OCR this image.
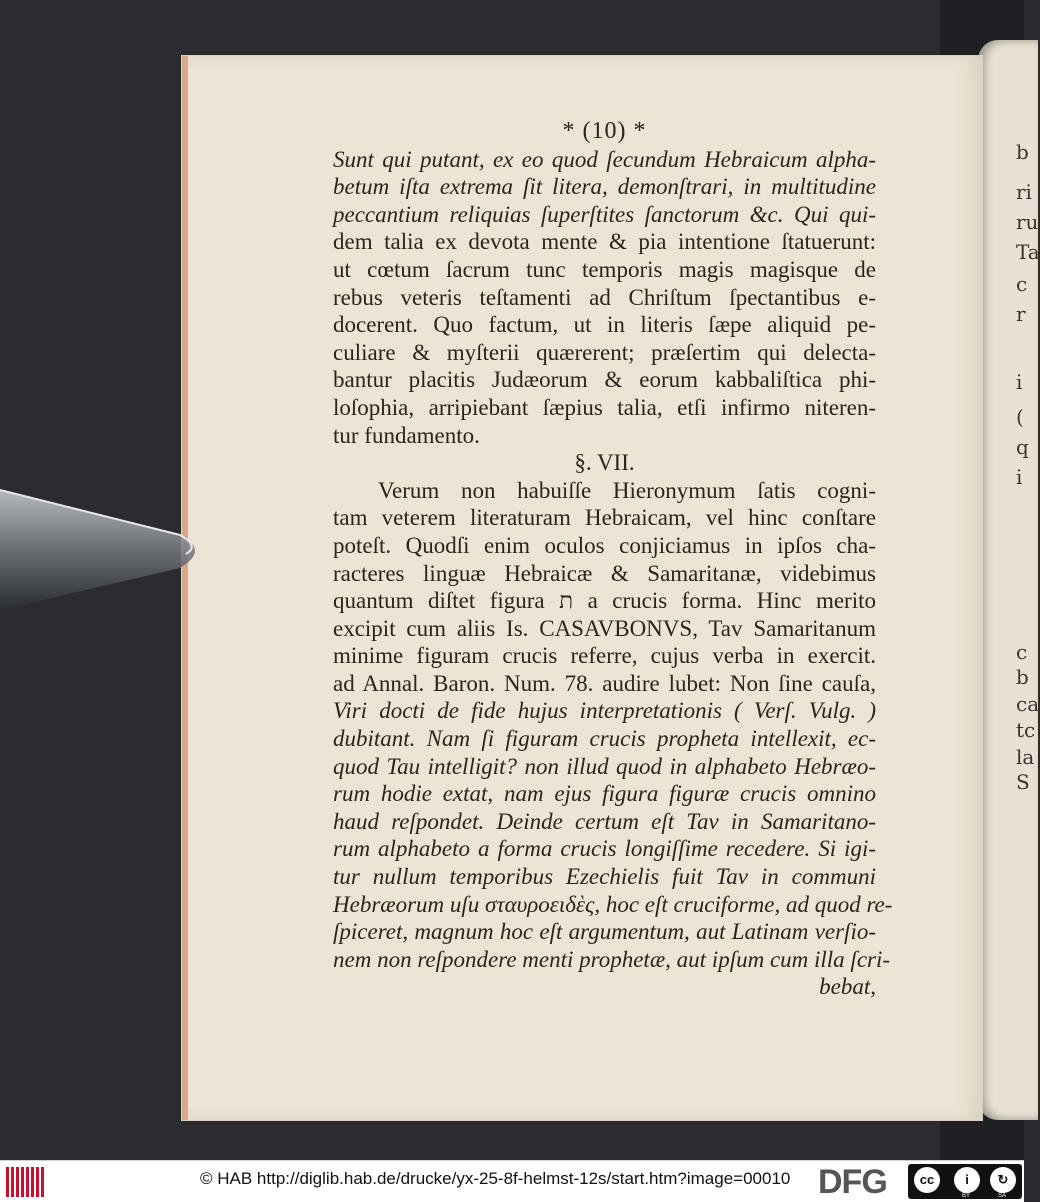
b
ri
ru
Ta
c
r
i
(
q
i
c
b
ca
tc
la
S
* (10) *
Sunt qui putant, ex eo quod ſecundum Hebraicum alpha-
betum iſta extrema ſit litera, demonſtrari, in multitudine
peccantium reliquias ſuperſtites ſanctorum &c. Qui qui-
dem talia ex devota mente & pia intentione ſtatuerunt:
ut cœtum ſacrum tunc temporis magis magisque de
rebus veteris teſtamenti ad Chriſtum ſpectantibus e-
docerent. Quo factum, ut in literis ſæpe aliquid pe-
culiare & myſterii quærerent; præſertim qui delecta-
bantur placitis Judæorum & eorum kabbaliſtica phi-
loſophia, arripiebant ſæpius talia, etſi infirmo niteren-
tur fundamento.
§. VII.
Verum non habuiſſe Hieronymum ſatis cogni-
tam veterem literaturam Hebraicam, vel hinc conſtare
poteſt. Quodſi enim oculos conjiciamus in ipſos cha-
racteres linguæ Hebraicæ & Samaritanæ, videbimus
quantum diſtet figura ת a crucis forma. Hinc merito
excipit cum aliis Is. CASAVBONVS, Tav Samaritanum
minime figuram crucis referre, cujus verba in exercit.
ad Annal. Baron. Num. 78. audire lubet: Non ſine cauſa,
Viri docti de fide hujus interpretationis ( Verſ. Vulg. )
dubitant. Nam ſi figuram crucis propheta intellexit, ec-
quod Tau intelligit? non illud quod in alphabeto Hebræo-
rum hodie extat, nam ejus figura figuræ crucis omnino
haud reſpondet. Deinde certum eſt Tav in Samaritano-
rum alphabeto a forma crucis longiſſime recedere. Si igi-
tur nullum temporibus Ezechielis fuit Tav in communi
Hebræorum uſu σταυροειδὲς, hoc eſt cruciforme, ad quod re-
ſpiceret, magnum hoc eſt argumentum, aut Latinam verſio-
nem non reſpondere menti prophetæ, aut ipſum cum illa ſcri-
bebat,
© HAB http://diglib.hab.de/drucke/yx-25-8f-helmst-12s/start.htm?image=00010 DFG	cc	i	↻
BY	SA
